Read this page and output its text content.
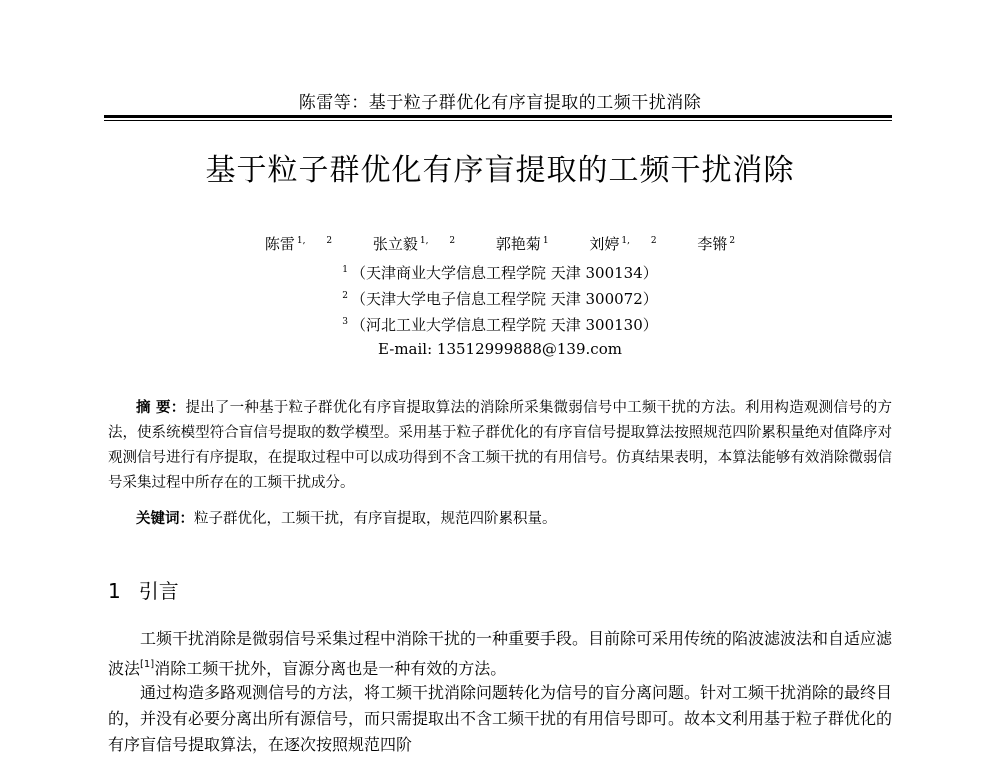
陈雷等：基于粒子群优化有序盲提取的工频干扰消除
基于粒子群优化有序盲提取的工频干扰消除
陈雷 $^{1, 2}$	张立毅 $^{1, 2}$	郭艳菊 $^1$	刘婷 $^{1, 2}$	李锵 $^2$
$^1$ （天津商业大学信息工程学院 天津 300134）
$^2$ （天津大学电子信息工程学院 天津 300072）
$^3$ （河北工业大学信息工程学院 天津 300130）
E-mail: 13512999888@139.com
摘 要：提出了一种基于粒子群优化有序盲提取算法的消除所采集微弱信号中工频干扰的方法。利用构造观测信号的方法，使系统模型符合盲信号提取的数学模型。采用基于粒子群优化的有序盲信号提取算法按照规范四阶累积量绝对值降序对观测信号进行有序提取，在提取过程中可以成功得到不含工频干扰的有用信号。仿真结果表明，本算法能够有效消除微弱信号采集过程中所存在的工频干扰成分。
关键词：粒子群优化，工频干扰，有序盲提取，规范四阶累积量。
1 引言
工频干扰消除是微弱信号采集过程中消除干扰的一种重要手段。目前除可采用传统的陷波滤波法和自适应滤波法[1]消除工频干扰外，盲源分离也是一种有效的方法。
通过构造多路观测信号的方法，将工频干扰消除问题转化为信号的盲分离问题。针对工频干扰消除的最终目的，并没有必要分离出所有源信号，而只需提取出不含工频干扰的有用信号即可。故本文利用基于粒子群优化的有序盲信号提取算法，在逐次按照规范四阶
